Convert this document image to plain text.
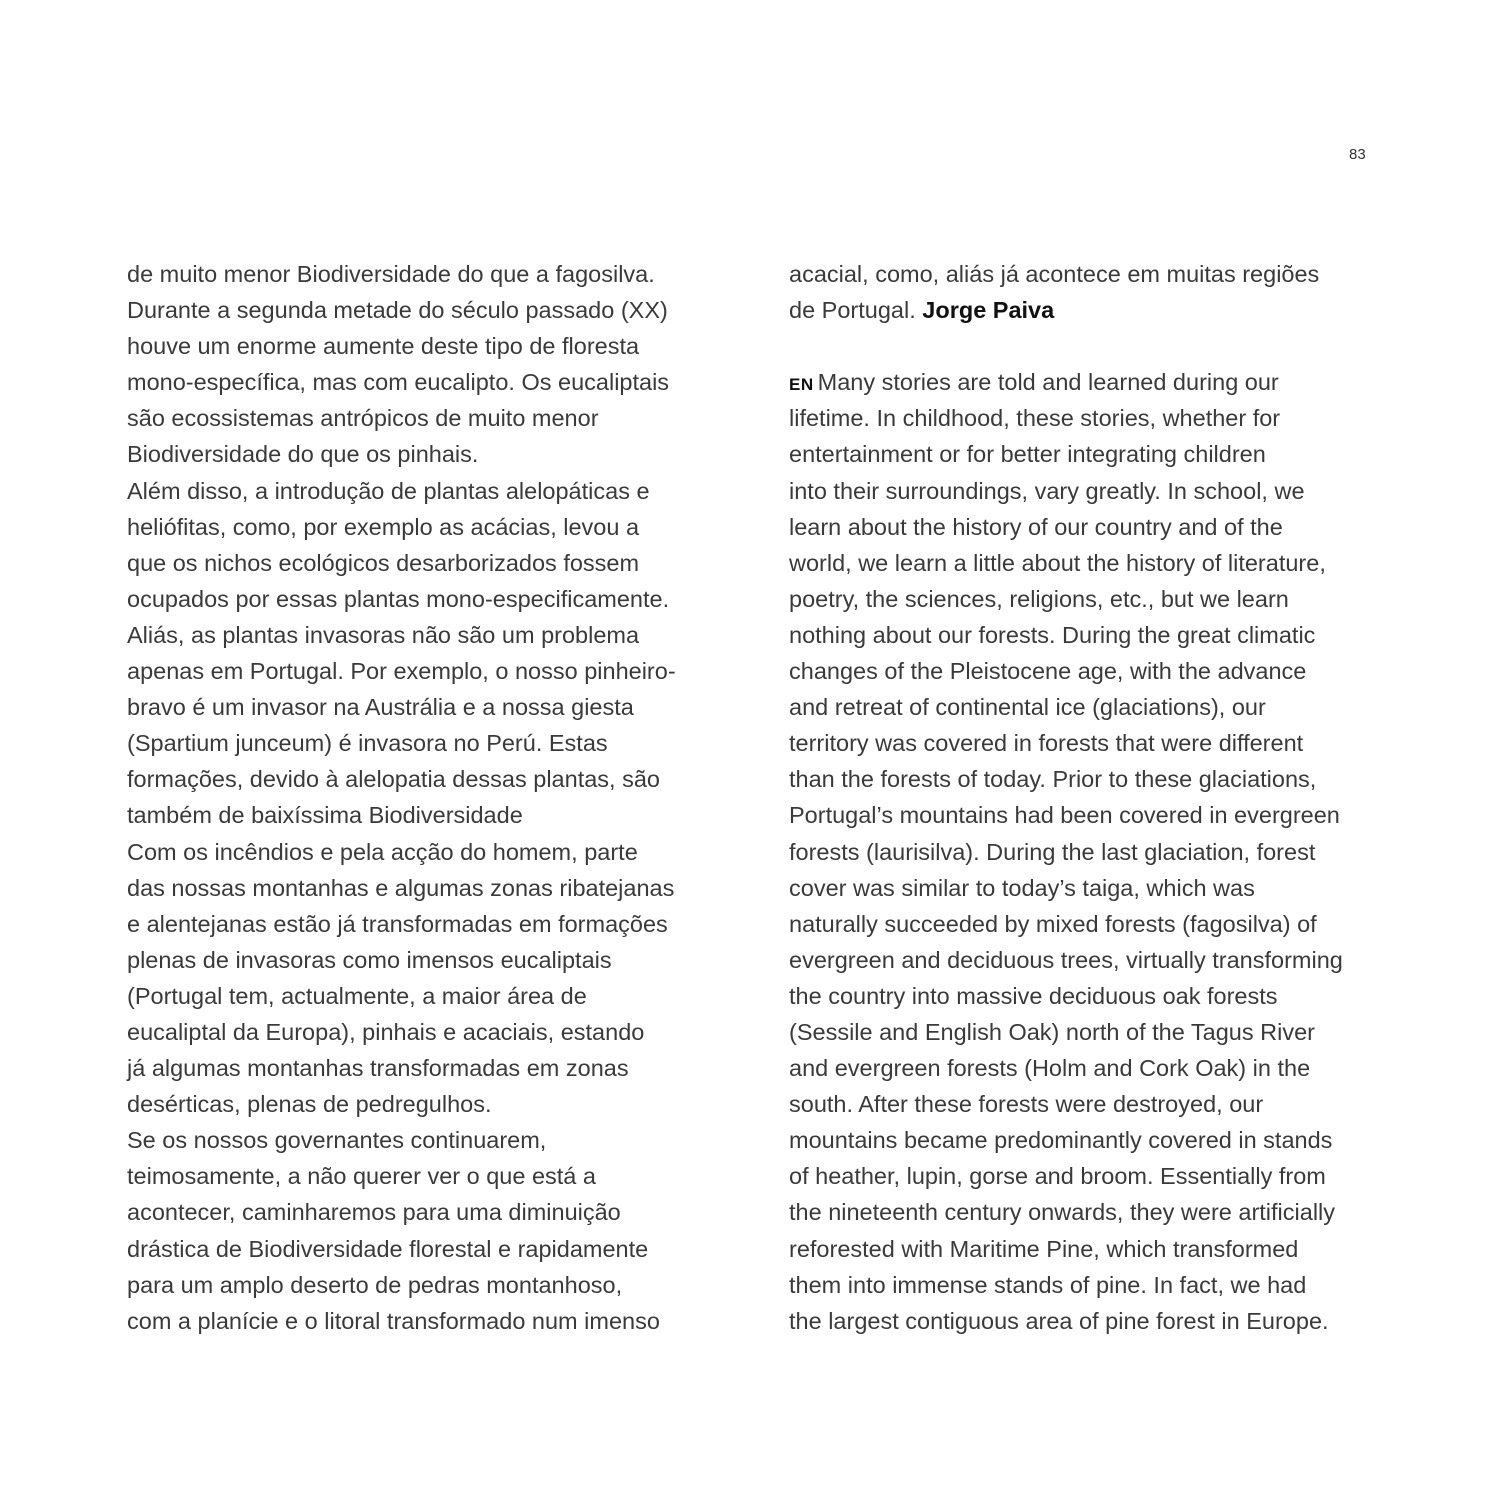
83
de muito menor Biodiversidade do que a fagosilva.
Durante a segunda metade do século passado (XX)
houve um enorme aumente deste tipo de floresta
mono-específica, mas com eucalipto. Os eucaliptais
são ecossistemas antrópicos de muito menor
Biodiversidade do que os pinhais.
Além disso, a introdução de plantas alelopáticas e
heliófitas, como, por exemplo as acácias, levou a
que os nichos ecológicos desarborizados fossem
ocupados por essas plantas mono-especificamente.
Aliás, as plantas invasoras não são um problema
apenas em Portugal. Por exemplo, o nosso pinheiro-
bravo é um invasor na Austrália e a nossa giesta
(Spartium junceum) é invasora no Perú. Estas
formações, devido à alelopatia dessas plantas, são
também de baixíssima Biodiversidade
Com os incêndios e pela acção do homem, parte
das nossas montanhas e algumas zonas ribatejanas
e alentejanas estão já transformadas em formações
plenas de invasoras como imensos eucaliptais
(Portugal tem, actualmente, a maior área de
eucaliptal da Europa), pinhais e acaciais, estando
já algumas montanhas transformadas em zonas
desérticas, plenas de pedregulhos.
Se os nossos governantes continuarem,
teimosamente, a não querer ver o que está a
acontecer, caminharemos para uma diminuição
drástica de Biodiversidade florestal e rapidamente
para um amplo deserto de pedras montanhoso,
com a planície e o litoral transformado num imenso
acacial, como, aliás já acontece em muitas regiões
de Portugal. Jorge Paiva
EN Many stories are told and learned during our
lifetime. In childhood, these stories, whether for
entertainment or for better integrating children
into their surroundings, vary greatly. In school, we
learn about the history of our country and of the
world, we learn a little about the history of literature,
poetry, the sciences, religions, etc., but we learn
nothing about our forests. During the great climatic
changes of the Pleistocene age, with the advance
and retreat of continental ice (glaciations), our
territory was covered in forests that were different
than the forests of today. Prior to these glaciations,
Portugal’s mountains had been covered in evergreen
forests (laurisilva). During the last glaciation, forest
cover was similar to today’s taiga, which was
naturally succeeded by mixed forests (fagosilva) of
evergreen and deciduous trees, virtually transforming
the country into massive deciduous oak forests
(Sessile and English Oak) north of the Tagus River
and evergreen forests (Holm and Cork Oak) in the
south. After these forests were destroyed, our
mountains became predominantly covered in stands
of heather, lupin, gorse and broom. Essentially from
the nineteenth century onwards, they were artificially
reforested with Maritime Pine, which transformed
them into immense stands of pine. In fact, we had
the largest contiguous area of pine forest in Europe.
